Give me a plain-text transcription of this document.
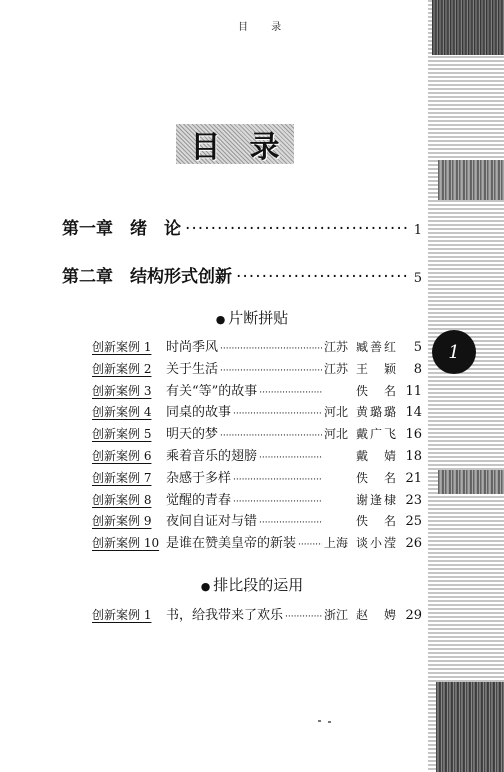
目 录
1
目 录
第一章	绪　论 ·····	1
第二章	结构形式创新 ·····	5
● 片断拼贴
创新案例 1	时尚季风 ·····	江苏 臧善红	5
创新案例 2	关于生活 ·····	江苏 王　颖	8
创新案例 3	有关“等”的故事 ·····	佚　名 11
创新案例 4	同桌的故事 ·····	河北 黄璐璐 14
创新案例 5	明天的梦 ·····	河北 戴广飞 16
创新案例 6	乘着音乐的翅膀 ·····	戴　婧 18
创新案例 7	杂感于多样 ·····	佚　名 21
创新案例 8	觉醒的青春 ·····	谢逢棣 23
创新案例 9	夜间自证对与错 ·····	佚　名 25
创新案例 10 是谁在赞美皇帝的新装 ····· 上海 谈小滢 26
● 排比段的运用
创新案例 1	书，给我带来了欢乐 ·····	浙江 赵　娉 29
